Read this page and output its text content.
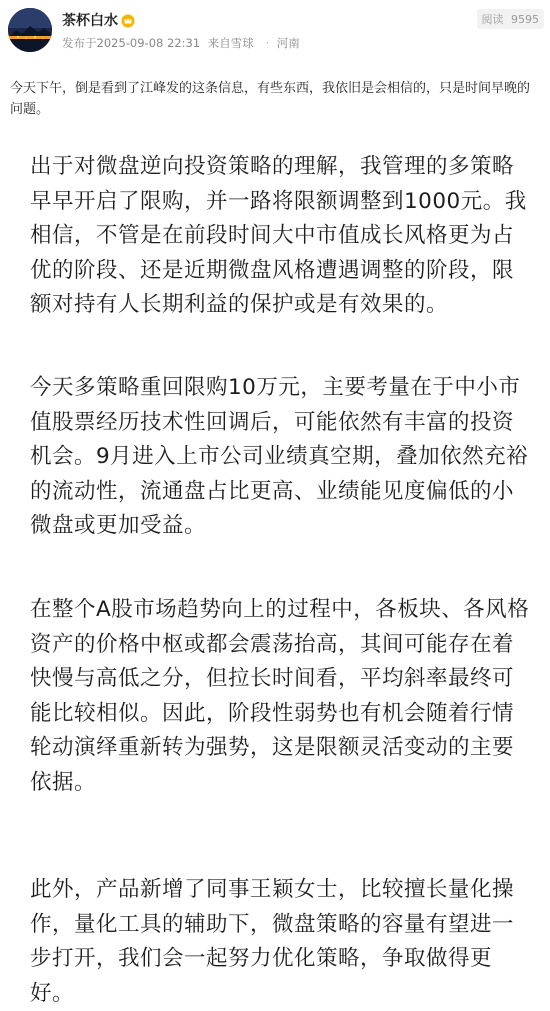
茶杯白水
发布于2025-09-08 22:31 来自雪球 · 河南
阅读 9595
今天下午，倒是看到了江峰发的这条信息，有些东西，我依旧是会相信的，只是时间早晚的问题。
出于对微盘逆向投资策略的理解，我管理的多策略早早开启了限购，并一路将限额调整到1000元。我相信，不管是在前段时间大中市值成长风格更为占优的阶段、还是近期微盘风格遭遇调整的阶段，限额对持有人长期利益的保护或是有效果的。
今天多策略重回限购10万元，主要考量在于中小市值股票经历技术性回调后，可能依然有丰富的投资机会。9月进入上市公司业绩真空期，叠加依然充裕的流动性，流通盘占比更高、业绩能见度偏低的小微盘或更加受益。
在整个A股市场趋势向上的过程中，各板块、各风格资产的价格中枢或都会震荡抬高，其间可能存在着快慢与高低之分，但拉长时间看，平均斜率最终可能比较相似。因此，阶段性弱势也有机会随着行情轮动演绎重新转为强势，这是限额灵活变动的主要依据。
此外，产品新增了同事王颖女士，比较擅长量化操作，量化工具的辅助下，微盘策略的容量有望进一步打开，我们会一起努力优化策略，争取做得更好。
